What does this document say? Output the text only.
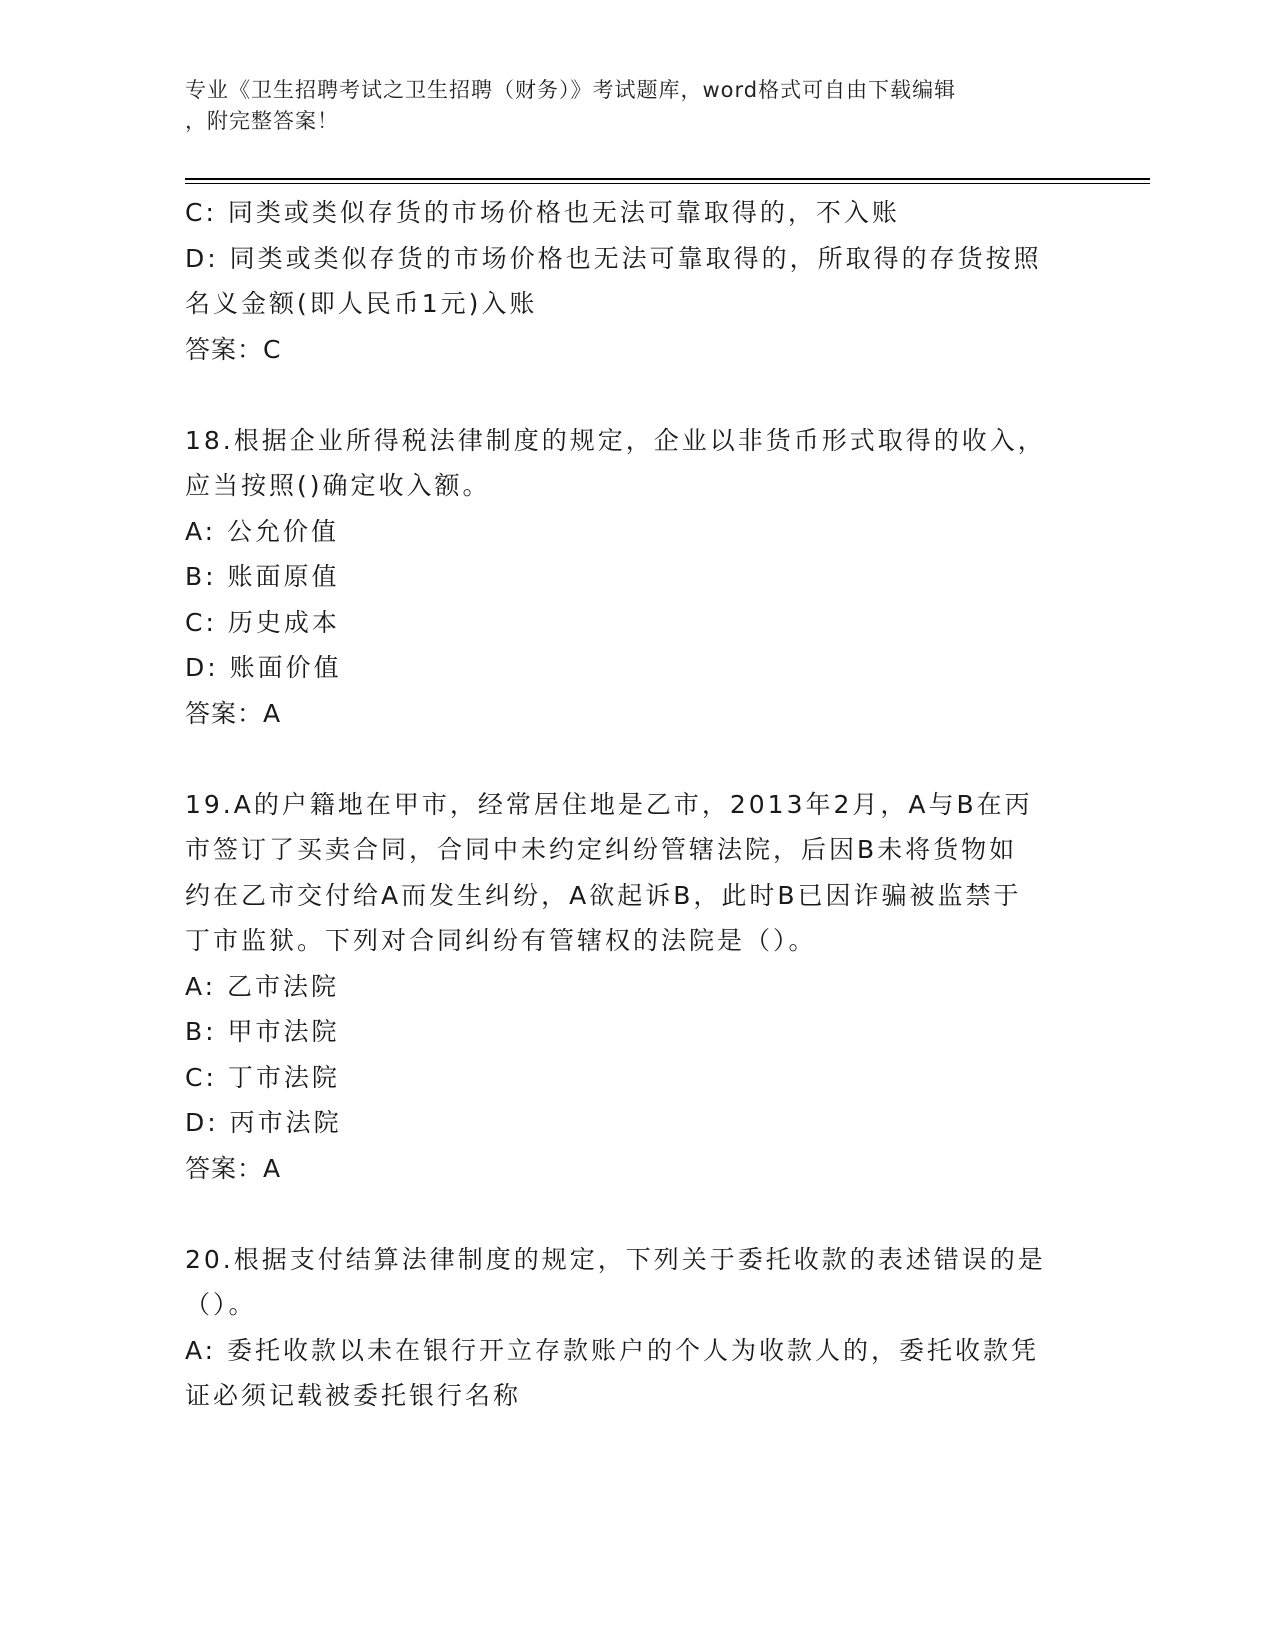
专业《卫生招聘考试之卫生招聘（财务）》考试题库，word格式可自由下载编辑
，附完整答案！
C: 同类或类似存货的市场价格也无法可靠取得的，不入账
D: 同类或类似存货的市场价格也无法可靠取得的，所取得的存货按照
名义金额(即人民币1元)入账
答案：C
18.根据企业所得税法律制度的规定，企业以非货币形式取得的收入，
应当按照()确定收入额。
A: 公允价值
B: 账面原值
C: 历史成本
D: 账面价值
答案：A
19.A的户籍地在甲市，经常居住地是乙市，2013年2月，A与B在丙
市签订了买卖合同，合同中未约定纠纷管辖法院，后因B未将货物如
约在乙市交付给A而发生纠纷，A欲起诉B，此时B已因诈骗被监禁于
丁市监狱。下列对合同纠纷有管辖权的法院是（）。
A: 乙市法院
B: 甲市法院
C: 丁市法院
D: 丙市法院
答案：A
20.根据支付结算法律制度的规定，下列关于委托收款的表述错误的是
（）。
A: 委托收款以未在银行开立存款账户的个人为收款人的，委托收款凭
证必须记载被委托银行名称
